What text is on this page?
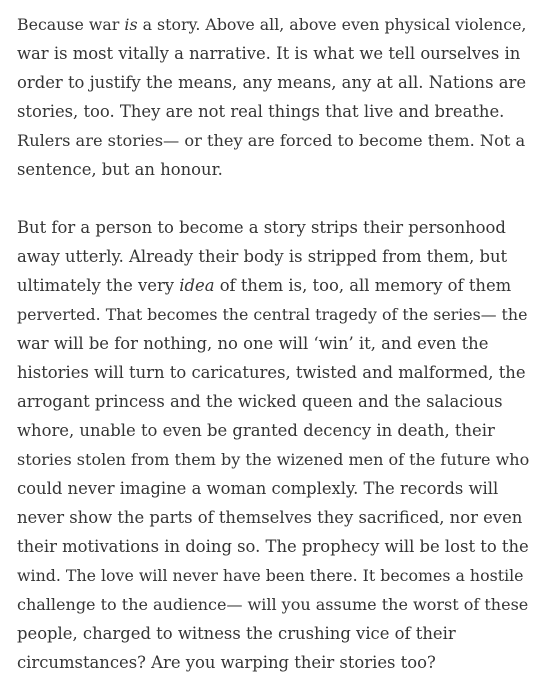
Because war is a story. Above all, above even physical violence,
war is most vitally a narrative. It is what we tell ourselves in
order to justify the means, any means, any at all. Nations are
stories, too. They are not real things that live and breathe.
Rulers are stories— or they are forced to become them. Not a
sentence, but an honour.

But for a person to become a story strips their personhood
away utterly. Already their body is stripped from them, but
ultimately the very idea of them is, too, all memory of them
perverted. That becomes the central tragedy of the series— the
war will be for nothing, no one will ‘win’ it, and even the
histories will turn to caricatures, twisted and malformed, the
arrogant princess and the wicked queen and the salacious
whore, unable to even be granted decency in death, their
stories stolen from them by the wizened men of the future who
could never imagine a woman complexly. The records will
never show the parts of themselves they sacrificed, nor even
their motivations in doing so. The prophecy will be lost to the
wind. The love will never have been there. It becomes a hostile
challenge to the audience— will you assume the worst of these
people, charged to witness the crushing vice of their
circumstances? Are you warping their stories too?
